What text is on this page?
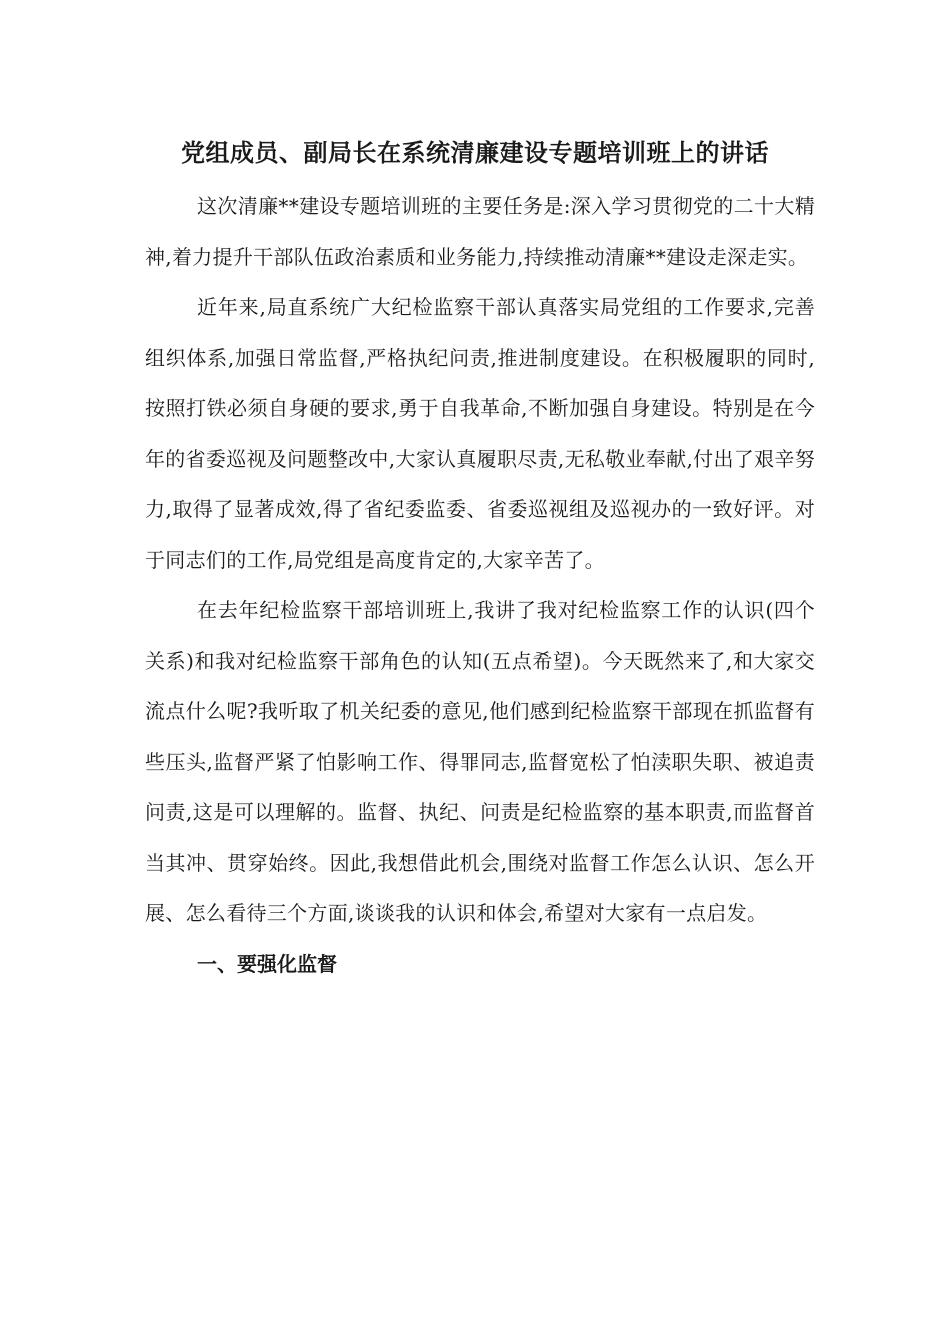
党组成员、副局长在系统清廉建设专题培训班上的讲话

这次清廉**建设专题培训班的主要任务是:深入学习贯彻党的二十大精神,着力提升干部队伍政治素质和业务能力,持续推动清廉**建设走深走实。

近年来,局直系统广大纪检监察干部认真落实局党组的工作要求,完善组织体系,加强日常监督,严格执纪问责,推进制度建设。在积极履职的同时,按照打铁必须自身硬的要求,勇于自我革命,不断加强自身建设。特别是在今年的省委巡视及问题整改中,大家认真履职尽责,无私敬业奉献,付出了艰辛努力,取得了显著成效,得了省纪委监委、省委巡视组及巡视办的一致好评。对于同志们的工作,局党组是高度肯定的,大家辛苦了。

在去年纪检监察干部培训班上,我讲了我对纪检监察工作的认识(四个关系)和我对纪检监察干部角色的认知(五点希望)。今天既然来了,和大家交流点什么呢?我听取了机关纪委的意见,他们感到纪检监察干部现在抓监督有些压头,监督严紧了怕影响工作、得罪同志,监督宽松了怕渎职失职、被追责问责,这是可以理解的。监督、执纪、问责是纪检监察的基本职责,而监督首当其冲、贯穿始终。因此,我想借此机会,围绕对监督工作怎么认识、怎么开展、怎么看待三个方面,谈谈我的认识和体会,希望对大家有一点启发。

一、要强化监督
